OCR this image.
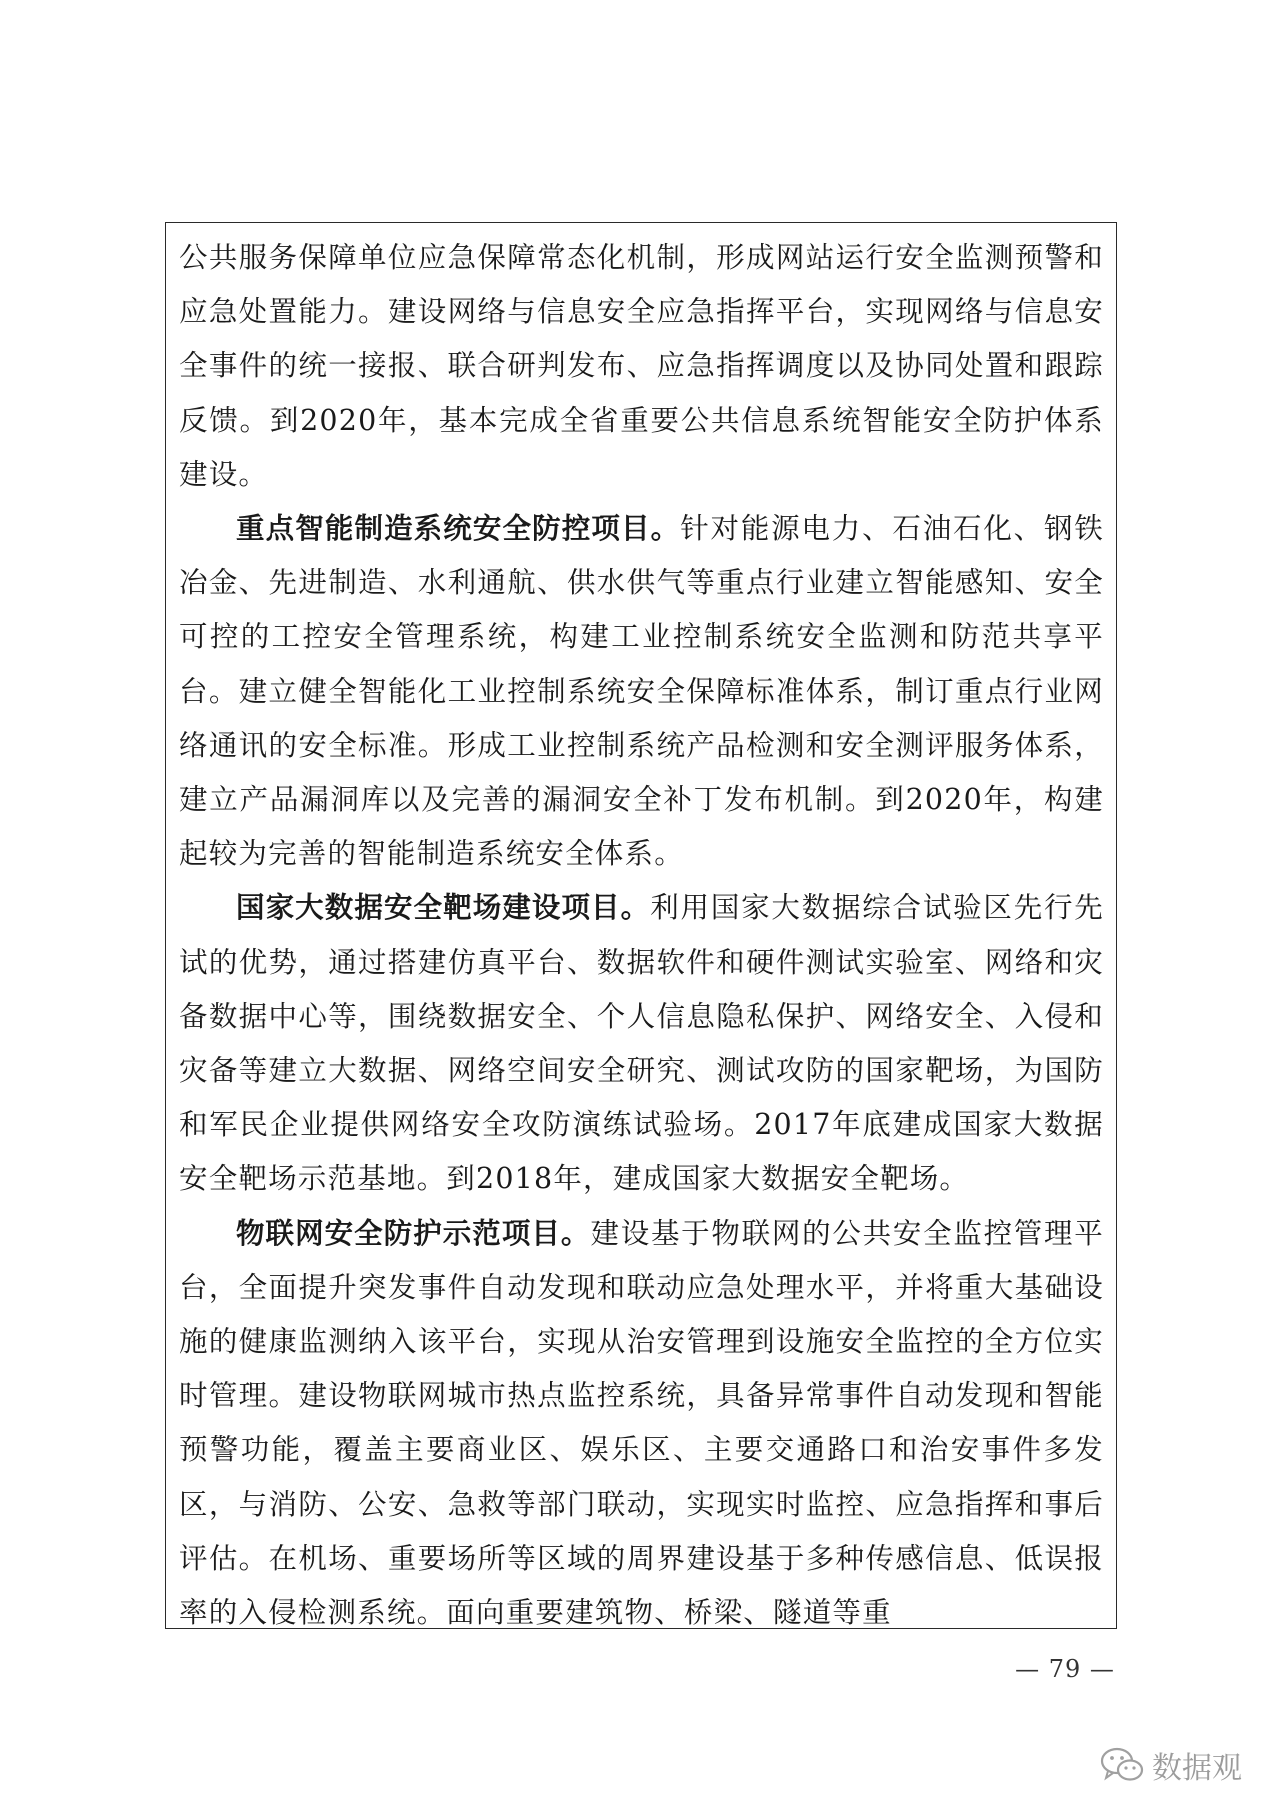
公共服务保障单位应急保障常态化机制，形成网站运行安全监测预警和应急处置能力。建设网络与信息安全应急指挥平台，实现网络与信息安全事件的统一接报、联合研判发布、应急指挥调度以及协同处置和跟踪反馈。到2020年，基本完成全省重要公共信息系统智能安全防护体系建设。

重点智能制造系统安全防控项目。针对能源电力、石油石化、钢铁冶金、先进制造、水利通航、供水供气等重点行业建立智能感知、安全可控的工控安全管理系统，构建工业控制系统安全监测和防范共享平台。建立健全智能化工业控制系统安全保障标准体系，制订重点行业网络通讯的安全标准。形成工业控制系统产品检测和安全测评服务体系，建立产品漏洞库以及完善的漏洞安全补丁发布机制。到2020年，构建起较为完善的智能制造系统安全体系。

国家大数据安全靶场建设项目。利用国家大数据综合试验区先行先试的优势，通过搭建仿真平台、数据软件和硬件测试实验室、网络和灾备数据中心等，围绕数据安全、个人信息隐私保护、网络安全、入侵和灾备等建立大数据、网络空间安全研究、测试攻防的国家靶场，为国防和军民企业提供网络安全攻防演练试验场。2017年底建成国家大数据安全靶场示范基地。到2018年，建成国家大数据安全靶场。

物联网安全防护示范项目。建设基于物联网的公共安全监控管理平台，全面提升突发事件自动发现和联动应急处理水平，并将重大基础设施的健康监测纳入该平台，实现从治安管理到设施安全监控的全方位实时管理。建设物联网城市热点监控系统，具备异常事件自动发现和智能预警功能，覆盖主要商业区、娱乐区、主要交通路口和治安事件多发区，与消防、公安、急救等部门联动，实现实时监控、应急指挥和事后评估。在机场、重要场所等区域的周界建设基于多种传感信息、低误报率的入侵检测系统。面向重要建筑物、桥梁、隧道等重

— 79 —
数据观
